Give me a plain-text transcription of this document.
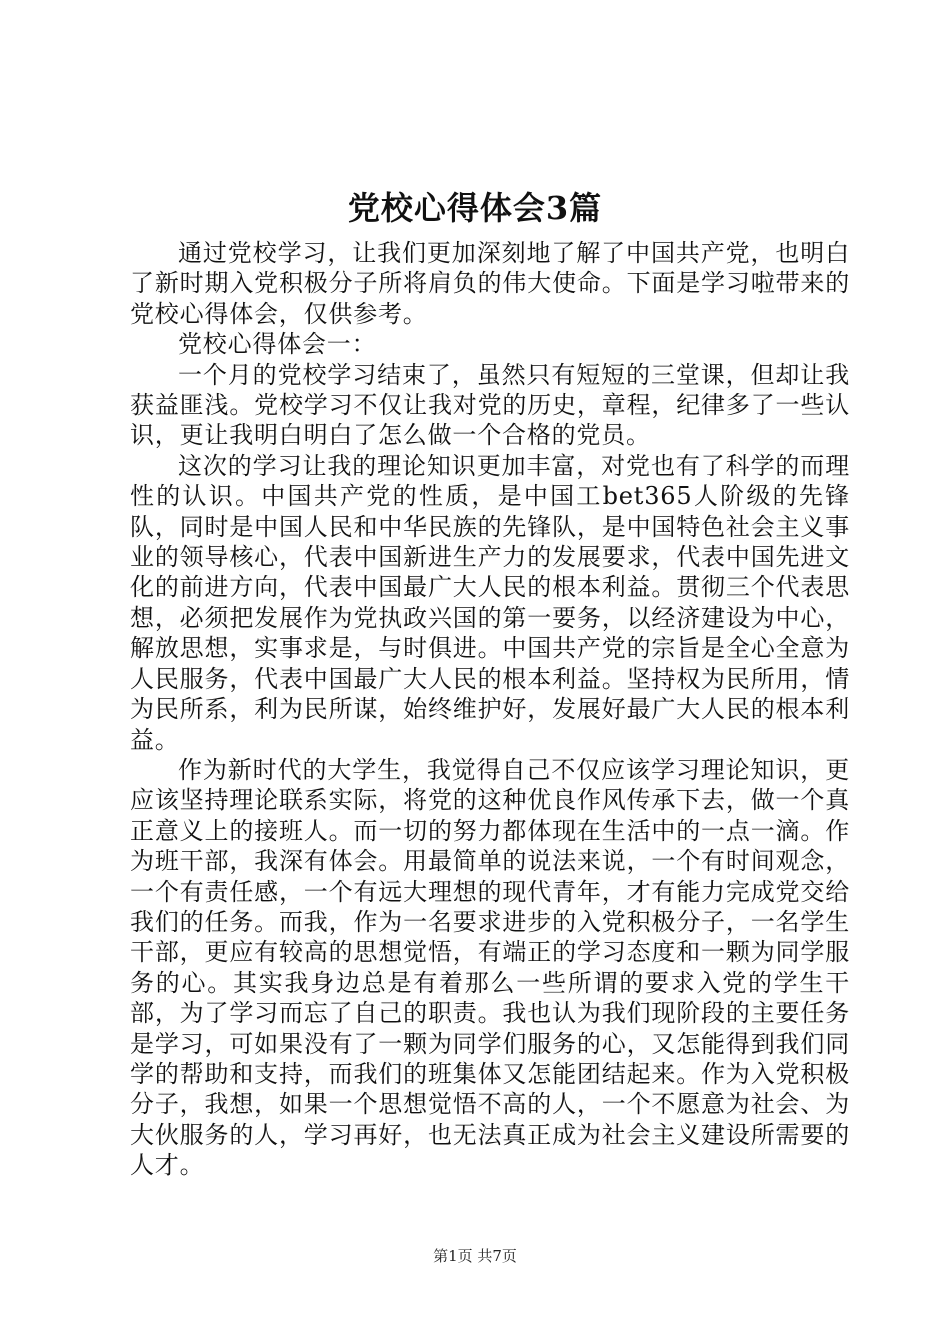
党校心得体会3篇

通过党校学习，让我们更加深刻地了解了中国共产党，也明白了新时期入党积极分子所将肩负的伟大使命。下面是学习啦带来的党校心得体会，仅供参考。

党校心得体会一：

一个月的党校学习结束了，虽然只有短短的三堂课，但却让我获益匪浅。党校学习不仅让我对党的历史，章程，纪律多了一些认识，更让我明白明白了怎么做一个合格的党员。

这次的学习让我的理论知识更加丰富，对党也有了科学的而理性的认识。中国共产党的性质，是中国工bet365人阶级的先锋队，同时是中国人民和中华民族的先锋队，是中国特色社会主义事业的领导核心，代表中国新进生产力的发展要求，代表中国先进文化的前进方向，代表中国最广大人民的根本利益。贯彻三个代表思想，必须把发展作为党执政兴国的第一要务，以经济建设为中心，解放思想，实事求是，与时俱进。中国共产党的宗旨是全心全意为人民服务，代表中国最广大人民的根本利益。坚持权为民所用，情为民所系，利为民所谋，始终维护好，发展好最广大人民的根本利益。

作为新时代的大学生，我觉得自己不仅应该学习理论知识，更应该坚持理论联系实际，将党的这种优良作风传承下去，做一个真正意义上的接班人。而一切的努力都体现在生活中的一点一滴。作为班干部，我深有体会。用最简单的说法来说，一个有时间观念，一个有责任感，一个有远大理想的现代青年，才有能力完成党交给我们的任务。而我，作为一名要求进步的入党积极分子，一名学生干部，更应有较高的思想觉悟，有端正的学习态度和一颗为同学服务的心。其实我身边总是有着那么一些所谓的要求入党的学生干部，为了学习而忘了自己的职责。我也认为我们现阶段的主要任务是学习，可如果没有了一颗为同学们服务的心，又怎能得到我们同学的帮助和支持，而我们的班集体又怎能团结起来。作为入党积极分子，我想，如果一个思想觉悟不高的人，一个不愿意为社会、为大伙服务的人，学习再好，也无法真正成为社会主义建设所需要的人才。

第1页 共7页
